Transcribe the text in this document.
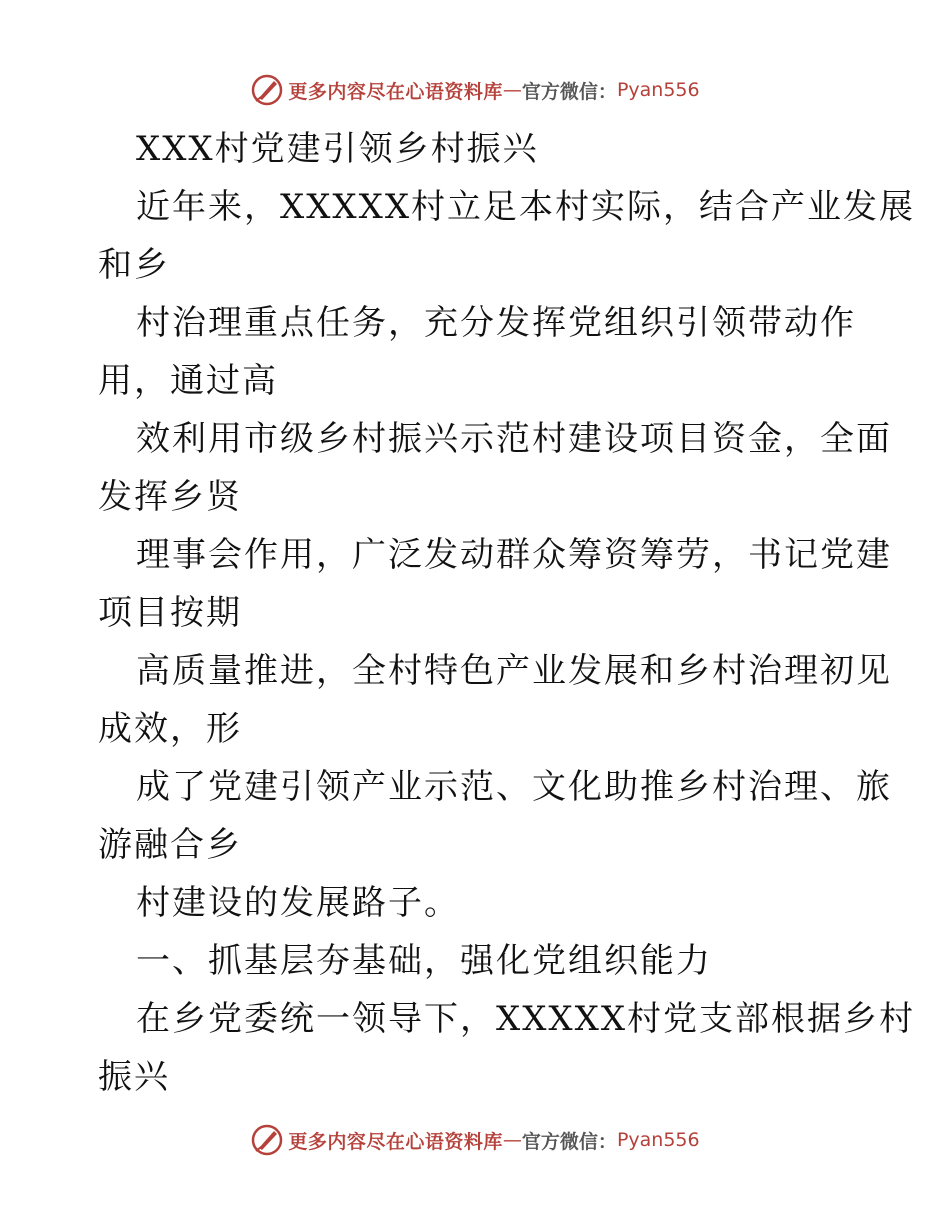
更多内容尽在心语资料库 — 官方微信： Pyan556
XXX村党建引领乡村振兴
近年来，XXXXX村立足本村实际，结合产业发展
和乡
村治理重点任务，充分发挥党组织引领带动作
用，通过高
效利用市级乡村振兴示范村建设项目资金，全面
发挥乡贤
理事会作用，广泛发动群众筹资筹劳，书记党建
项目按期
高质量推进，全村特色产业发展和乡村治理初见
成效，形
成了党建引领产业示范、文化助推乡村治理、旅
游融合乡
村建设的发展路子。
一、抓基层夯基础，强化党组织能力
在乡党委统一领导下，XXXXX村党支部根据乡村
振兴
更多内容尽在心语资料库 — 官方微信： Pyan556
